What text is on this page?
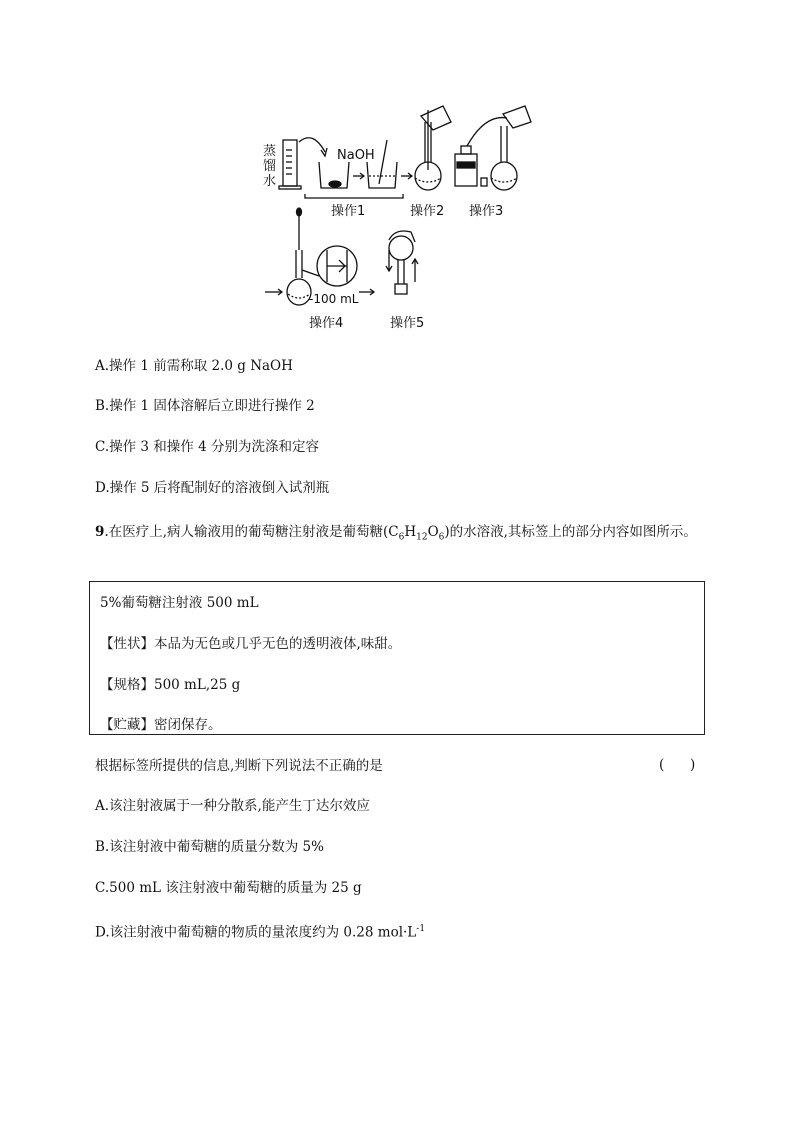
蒸馏水
NaOH
操作1	操作2 操作3
-100 mL
操作4	操作5
A.操作 1 前需称取 2.0 g NaOH
B.操作 1 固体溶解后立即进行操作 2
C.操作 3 和操作 4 分别为洗涤和定容
D.操作 5 后将配制好的溶液倒入试剂瓶
9.在医疗上,病人输液用的葡萄糖注射液是葡萄糖$(C_6H_{12}O_6)$的水溶液,其标签上的部分内容如图所示。
5%葡萄糖注射液 500 mL
【性状】本品为无色或几乎无色的透明液体,味甜。
【规格】500 mL,25 g
【贮藏】密闭保存。
根据标签所提供的信息,判断下列说法不正确的是	(      )
A.该注射液属于一种分散系,能产生丁达尔效应
B.该注射液中葡萄糖的质量分数为 5%
C.500 mL 该注射液中葡萄糖的质量为 25 g
D.该注射液中葡萄糖的物质的量浓度约为 0.28 $mol\cdot L^{-1}$
